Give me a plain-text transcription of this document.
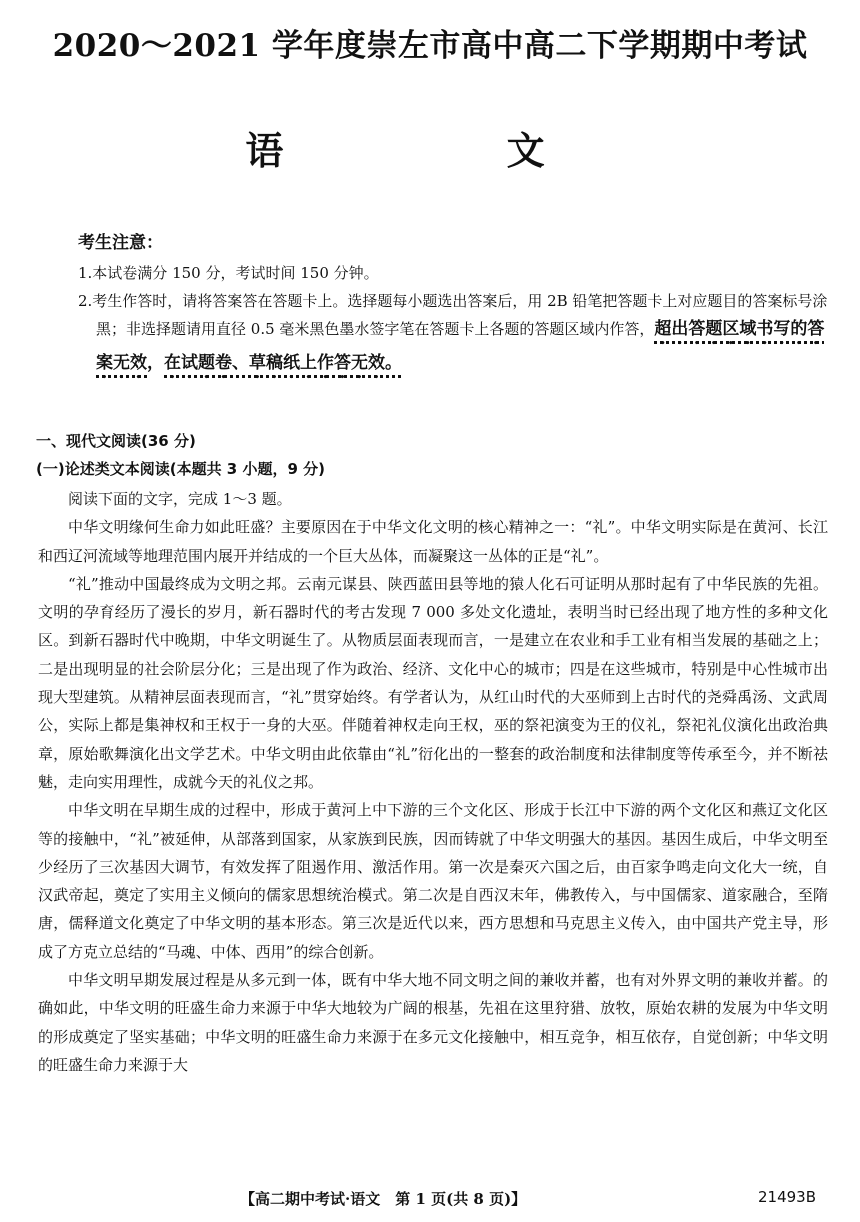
2020～2021 学年度崇左市高中高二下学期期中考试
语 文
考生注意：
1.本试卷满分 150 分，考试时间 150 分钟。
2.考生作答时，请将答案答在答题卡上。选择题每小题选出答案后，用 2B 铅笔把答题卡上对应题目的答案标号涂黑；非选择题请用直径 0.5 毫米黑色墨水签字笔在答题卡上各题的答题区域内作答，超出答题区域书写的答案无效，在试题卷、草稿纸上作答无效。
一、现代文阅读(36 分)
(一)论述类文本阅读(本题共 3 小题，9 分)

阅读下面的文字，完成 1～3 题。

中华文明缘何生命力如此旺盛？主要原因在于中华文化文明的核心精神之一：“礼”。中华文明实际是在黄河、长江和西辽河流域等地理范围内展开并结成的一个巨大丛体，而凝聚这一丛体的正是“礼”。

“礼”推动中国最终成为文明之邦。云南元谋县、陕西蓝田县等地的猿人化石可证明从那时起有了中华民族的先祖。文明的孕育经历了漫长的岁月，新石器时代的考古发现 7 000 多处文化遗址，表明当时已经出现了地方性的多种文化区。到新石器时代中晚期，中华文明诞生了。从物质层面表现而言，一是建立在农业和手工业有相当发展的基础之上；二是出现明显的社会阶层分化；三是出现了作为政治、经济、文化中心的城市；四是在这些城市，特别是中心性城市出现大型建筑。从精神层面表现而言，“礼”贯穿始终。有学者认为，从红山时代的大巫师到上古时代的尧舜禹汤、文武周公，实际上都是集神权和王权于一身的大巫。伴随着神权走向王权，巫的祭祀演变为王的仪礼，祭祀礼仪演化出政治典章，原始歌舞演化出文学艺术。中华文明由此依靠由“礼”衍化出的一整套的政治制度和法律制度等传承至今，并不断祛魅，走向实用理性，成就今天的礼仪之邦。

中华文明在早期生成的过程中，形成于黄河上中下游的三个文化区、形成于长江中下游的两个文化区和燕辽文化区等的接触中，“礼”被延伸，从部落到国家，从家族到民族，因而铸就了中华文明强大的基因。基因生成后，中华文明至少经历了三次基因大调节，有效发挥了阻遏作用、激活作用。第一次是秦灭六国之后，由百家争鸣走向文化大一统，自汉武帝起，奠定了实用主义倾向的儒家思想统治模式。第二次是自西汉末年，佛教传入，与中国儒家、道家融合，至隋唐，儒释道文化奠定了中华文明的基本形态。第三次是近代以来，西方思想和马克思主义传入，由中国共产党主导，形成了方克立总结的“马魂、中体、西用”的综合创新。

中华文明早期发展过程是从多元到一体，既有中华大地不同文明之间的兼收并蓄，也有对外界文明的兼收并蓄。的确如此，中华文明的旺盛生命力来源于中华大地较为广阔的根基，先祖在这里狩猎、放牧，原始农耕的发展为中华文明的形成奠定了坚实基础；中华文明的旺盛生命力来源于在多元文化接触中，相互竞争，相互依存，自觉创新；中华文明的旺盛生命力来源于大

【高二期中考试·语文　第 1 页(共 8 页)】	21493B
